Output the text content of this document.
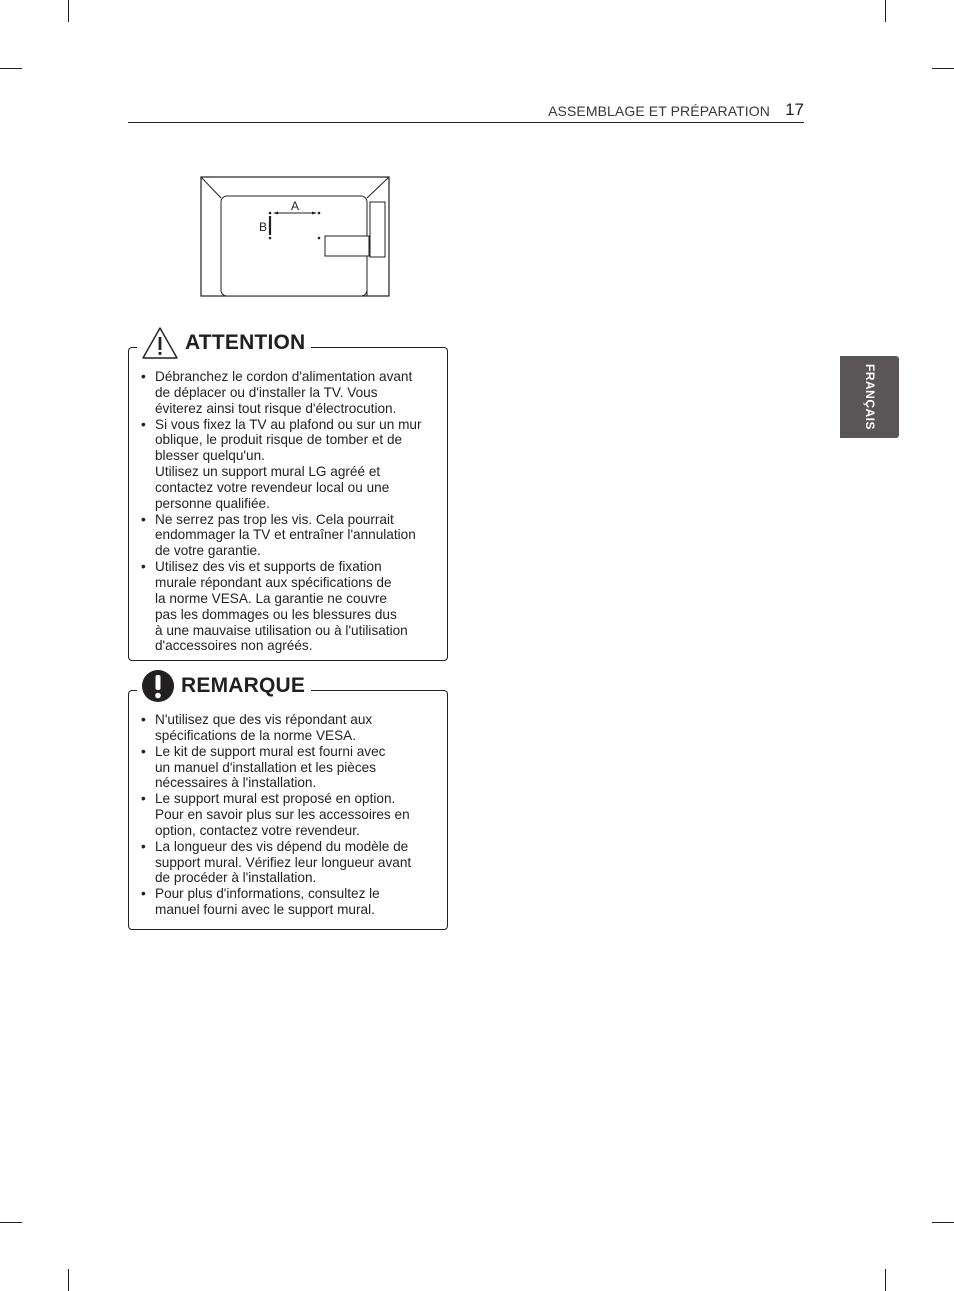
ASSEMBLAGE ET PRÉPARATION 17
FRANÇAIS
A
B
ATTENTION
• Débranchez le cordon d'alimentation avant
de déplacer ou d'installer la TV. Vous
éviterez ainsi tout risque d'électrocution.
• Si vous fixez la TV au plafond ou sur un mur
oblique, le produit risque de tomber et de
blesser quelqu'un.
Utilisez un support mural LG agréé et
contactez votre revendeur local ou une
personne qualifiée.
• Ne serrez pas trop les vis. Cela pourrait
endommager la TV et entraîner l'annulation
de votre garantie.
• Utilisez des vis et supports de fixation
murale répondant aux spécifications de
la norme VESA. La garantie ne couvre
pas les dommages ou les blessures dus
à une mauvaise utilisation ou à l'utilisation
d'accessoires non agréés.
REMARQUE
• N'utilisez que des vis répondant aux
spécifications de la norme VESA.
• Le kit de support mural est fourni avec
un manuel d'installation et les pièces
nécessaires à l'installation.
• Le support mural est proposé en option.
Pour en savoir plus sur les accessoires en
option, contactez votre revendeur.
• La longueur des vis dépend du modèle de
support mural. Vérifiez leur longueur avant
de procéder à l'installation.
• Pour plus d'informations, consultez le
manuel fourni avec le support mural.
